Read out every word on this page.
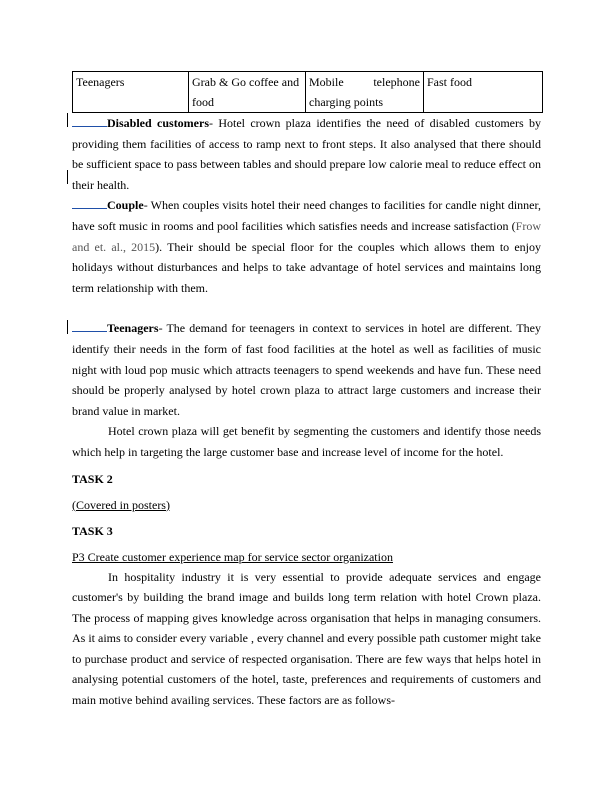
Teenagers	Grab & Go coffee and food	Mobile telephone charging points	Fast food

Disabled customers- Hotel crown plaza identifies the need of disabled customers by providing them facilities of access to ramp next to front steps. It also analysed that there should be sufficient space to pass between tables and should prepare low calorie meal to reduce effect on their health.

Couple- When couples visits hotel their need changes to facilities for candle night dinner, have soft music in rooms and pool facilities which satisfies needs and increase satisfaction (Frow and et. al., 2015). Their should be special floor for the couples which allows them to enjoy holidays without disturbances and helps to take advantage of hotel services and maintains long term relationship with them.

Teenagers- The demand for teenagers in context to services in hotel are different. They identify their needs in the form of fast food facilities at the hotel as well as facilities of music night with loud pop music which attracts teenagers to spend weekends and have fun. These need should be properly analysed by hotel crown plaza to attract large customers and increase their brand value in market.

Hotel crown plaza will get benefit by segmenting the customers and identify those needs which help in targeting the large customer base and increase level of income for the hotel.

TASK 2

(Covered in posters)

TASK 3

P3 Create customer experience map for service sector organization

In hospitality industry it is very essential to provide adequate services and engage customer's by building the brand image and builds long term relation with hotel Crown plaza. The process of mapping gives knowledge across organisation that helps in managing consumers. As it aims to consider every variable , every channel and every possible path customer might take to purchase product and service of respected organisation. There are few ways that helps hotel in analysing potential customers of the hotel, taste, preferences and requirements of customers and main motive behind availing services. These factors are as follows-
